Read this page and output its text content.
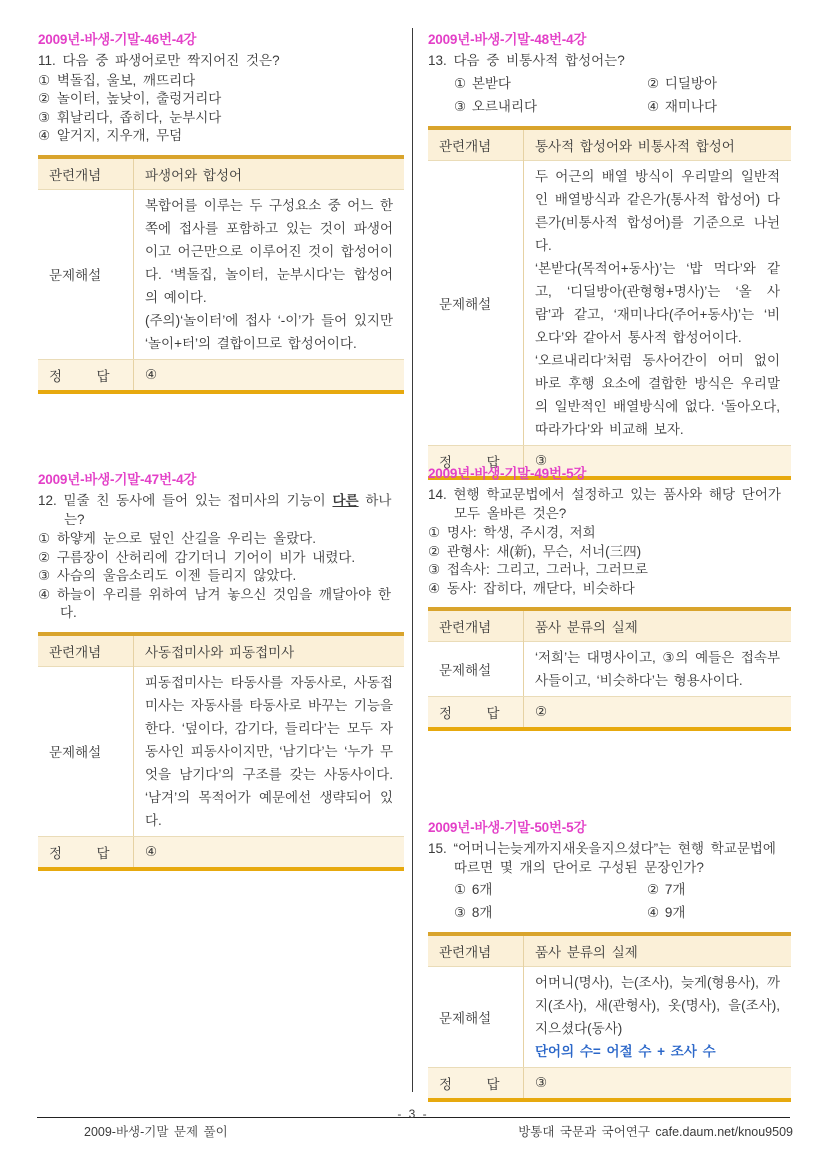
2009년-바생-기말-46번-4강

11. 다음 중 파생어로만 짝지어진 것은?

① 벽돌집, 울보, 깨뜨리다
② 놀이터, 높낮이, 출렁거리다
③ 휘날리다, 좁히다, 눈부시다
④ 알거지, 지우개, 무덤
관련개념	파생어와 합성어
문제해설	복합어를 이루는 두 구성요소 중 어느 한쪽에 접사를 포함하고 있는 것이 파생어이고 어근만으로 이루어진 것이 합성어이다. ‘벽돌집, 놀이터, 눈부시다’는 합성어의 예이다.

(주의)‘놀이터’에 접사 ‘-이’가 들어 있지만 ‘놀이+터’의 결합이므로 합성어이다.

정      답	④

2009년-바생-기말-47번-4강

12. 밑줄 친 동사에 들어 있는 접미사의 기능이 다른 하나는?

① 하얗게 눈으로 덮인 산길을 우리는 올랐다.
② 구름장이 산허리에 감기더니 기어이 비가 내렸다.
③ 사슴의 울음소리도 이젠 들리지 않았다.
④ 하늘이 우리를 위하여 남겨 놓으신 것임을 깨달아야 한다.
관련개념	사동접미사와 피동접미사
문제해설	피동접미사는 타동사를 자동사로, 사동접미사는 자동사를 타동사로 바꾸는 기능을 한다. ‘덮이다, 감기다, 들리다’는 모두 자동사인 피동사이지만, ‘남기다’는 ‘누가 무엇을 남기다’의 구조를 갖는 사동사이다. ‘남겨’의 목적어가 예문에선 생략되어 있다.

정      답	④

2009년-바생-기말-48번-4강

13. 다음 중 비통사적 합성어는?

① 본받다	② 디딜방아
③ 오르내리다	④ 재미나다
관련개념	통사적 합성어와 비통사적 합성어
문제해설	두 어근의 배열 방식이 우리말의 일반적인 배열방식과 같은가(통사적 합성어) 다른가(비통사적 합성어)를 기준으로 나뉜다.

‘본받다(목적어+동사)’는 ‘밥 먹다’와 같고, ‘디딜방아(관형형+명사)’는 ‘올 사람’과 같고, ‘재미나다(주어+동사)’는 ‘비 오다’와 같아서 통사적 합성어이다.

‘오르내리다’처럼 동사어간이 어미 없이 바로 후행 요소에 결합한 방식은 우리말의 일반적인 배열방식에 없다. ‘돌아오다, 따라가다’와 비교해 보자.

정      답	③

2009년-바생-기말-49번-5강

14. 현행 학교문법에서 설정하고 있는 품사와 해당 단어가 모두 올바른 것은?

① 명사: 학생, 주시경, 저희
② 관형사: 새(新), 무슨, 서너(三四)
③ 접속사: 그리고, 그러나, 그러므로
④ 동사: 잡히다, 깨닫다, 비슷하다
관련개념	품사 분류의 실제
문제해설	‘저희’는 대명사이고, ③의 예들은 접속부사들이고, ‘비슷하다’는 형용사이다.

정      답	②

2009년-바생-기말-50번-5강

15. “어머니는늦게까지새옷을지으셨다”는 현행 학교문법에 따르면 몇 개의 단어로 구성된 문장인가?

① 6개	② 7개
③ 8개	④ 9개
관련개념	품사 분류의 실제
문제해설	어머니(명사), 는(조사), 늦게(형용사), 까지(조사), 새(관형사), 옷(명사), 을(조사), 지으셨다(동사)

단어의 수= 어절 수 + 조사 수

정      답	③
2009-바생-기말 문제 풀이
- 3 -
방통대 국문과 국어연구 cafe.daum.net/knou9509
